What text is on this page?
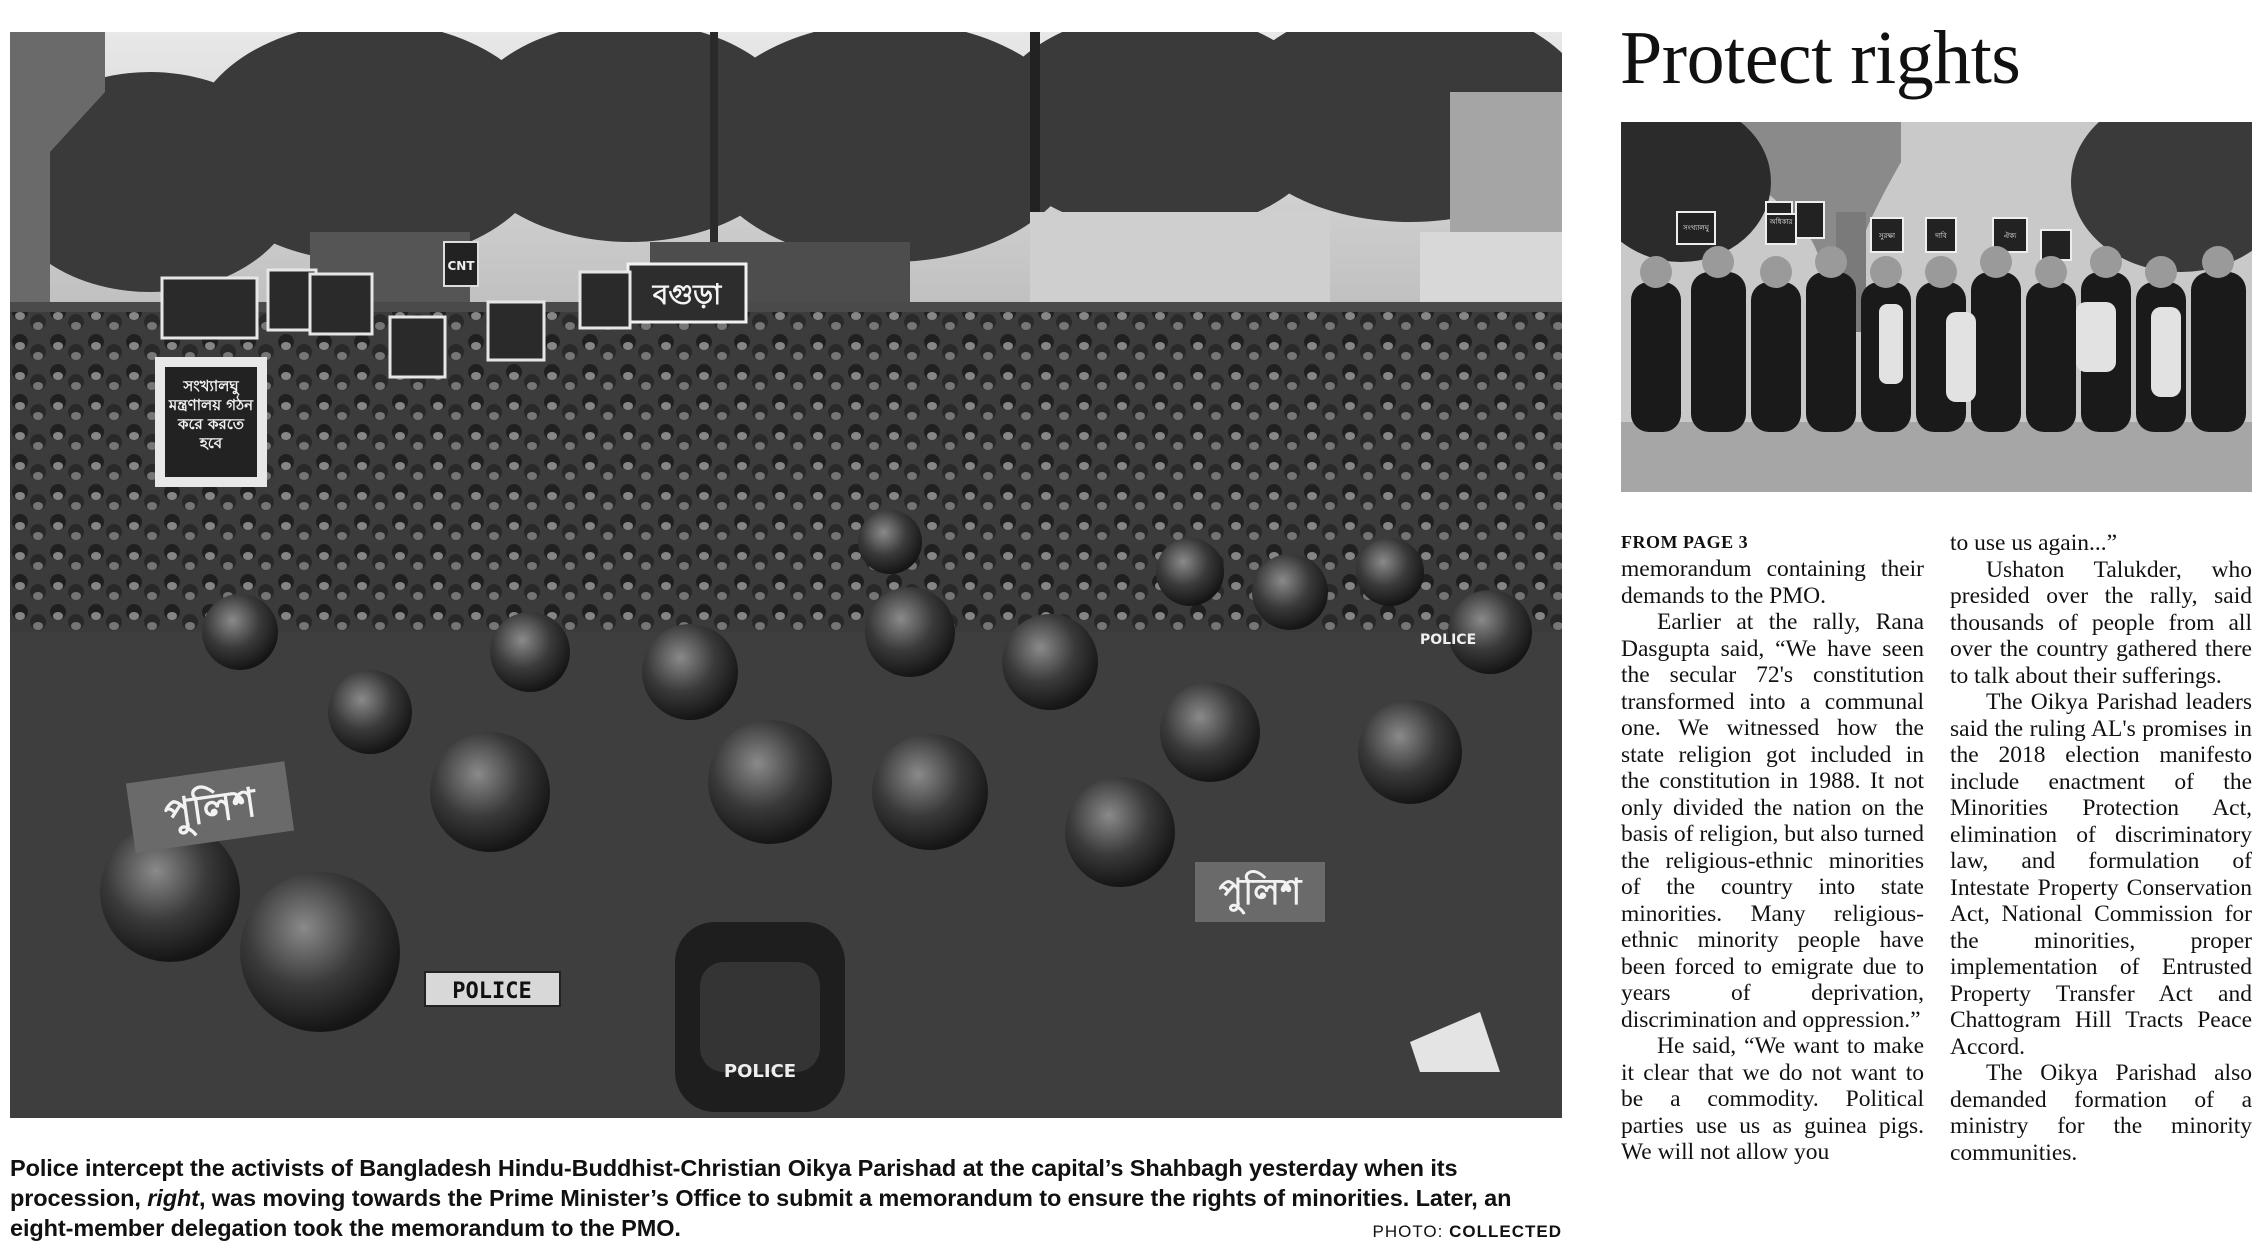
বগুড়া
সংখ্যালঘু মন্ত্রণালয় গঠন করে করতে হবে
CNT
POLICE
পুলিশ
পুলিশ
POLICE
POLICE
Police intercept the activists of Bangladesh Hindu-Buddhist-Christian Oikya Parishad at the capital’s Shahbagh yesterday when its procession, right, was moving towards the Prime Minister’s Office to submit a memorandum to ensure the rights of minorities. Later, an eight-member delegation took the memorandum to the PMO.	PHOTO: COLLECTED
Protect rights
সংখ্যালঘু
অধিকার
সুরক্ষা	দাবি	ঐক্য
FROM PAGE 3

memorandum containing their demands to the PMO.

Earlier at the rally, Rana Dasgupta said, “We have seen the secular 72's constitution transformed into a communal one. We witnessed how the state religion got included in the constitution in 1988. It not only divided the nation on the basis of religion, but also turned the religious-ethnic minorities of the country into state minorities. Many religious-ethnic minority people have been forced to emigrate due to years of deprivation, discrimination and oppression.”

He said, “We want to make it clear that we do not want to be a commodity. Political parties use us as guinea pigs. We will not allow you

to use us again...”

Ushaton Talukder, who presided over the rally, said thousands of people from all over the country gathered there to talk about their sufferings.

The Oikya Parishad leaders said the ruling AL's promises in the 2018 election manifesto include enactment of the Minorities Protection Act, elimination of discriminatory law, and formulation of Intestate Property Conservation Act, National Commission for the minorities, proper implementation of Entrusted Property Transfer Act and Chattogram Hill Tracts Peace Accord.

The Oikya Parishad also demanded formation of a ministry for the minority communities.
